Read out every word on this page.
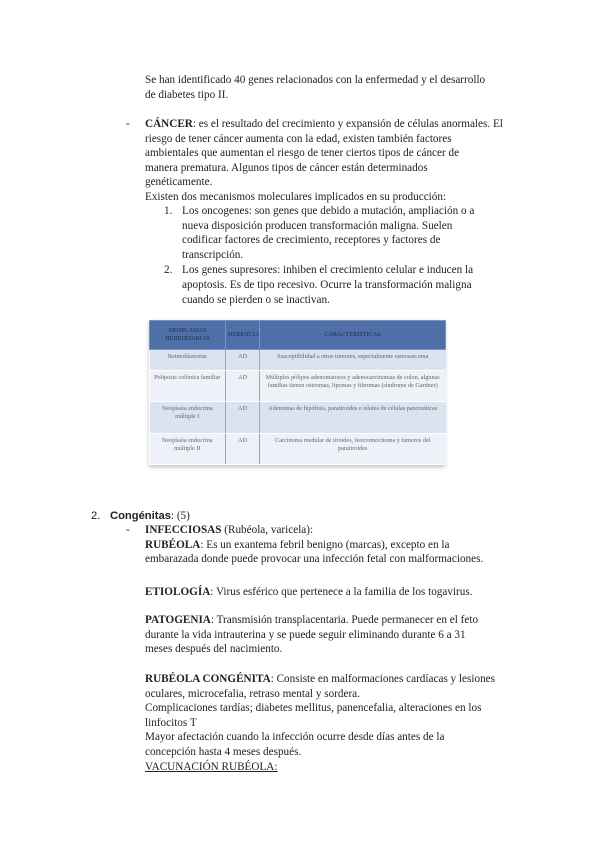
Se han identificado 40 genes relacionados con la enfermedad y el desarrollo

de diabetes tipo II.

- CÁNCER: es el resultado del crecimiento y expansión de células anormales. El

riesgo de tener cáncer aumenta con la edad, existen también factores

ambientales que aumentan el riesgo de tener ciertos tipos de cáncer de

manera prematura. Algunos tipos de cáncer están determinados

genéticamente.

Existen dos mecanismos moleculares implicados en su producción:

1. Los oncogenes: son genes que debido a mutación, ampliación o a

nueva disposición producen transformación maligna. Suelen

codificar factores de crecimiento, receptores y factores de

transcripción.

2. Los genes supresores: inhiben el crecimiento celular e inducen la

apoptosis. Es de tipo recesivo. Ocurre la transformación maligna

cuando se pierden o se inactivan.

NEOPLASIAS HEREDITARIAS	HERENCIA	CARACTERÍSTICAS
Retinoblastoma	AD	Susceptibilidad a otros tumores, especialmente osteosarcoma
Poliposis colónica familiar	AD	Múltiples pólipos adenomatosos y adenocarcinomas de colon, algunas familias tienen osteomas, lipomas y fibromas (síndrome de Gardner)
Neoplasia endocrina múltiple I	AD	Adenomas de hipófisis, paratiroides e islotes de células pancreáticas
Neoplasia endocrina múltiple II	AD	Carcinoma medular de tiroides, feocromocitoma y tumores del paratiroides
2. Congénitas: (5)
- INFECCIOSAS (Rubéola, varicela):

RUBÉOLA: Es un exantema febril benigno (marcas), excepto en la

embarazada donde puede provocar una infección fetal con malformaciones.

ETIOLOGÍA: Virus esférico que pertenece a la familia de los togavirus.

PATOGENIA: Transmisión transplacentaria. Puede permanecer en el feto

durante la vida intrauterina y se puede seguir eliminando durante 6 a 31

meses después del nacimiento.

RUBÉOLA CONGÉNITA: Consiste en malformaciones cardíacas y lesiones

oculares, microcefalia, retraso mental y sordera.

Complicaciones tardías; diabetes mellitus, panencefalia, alteraciones en los

linfocitos T

Mayor afectación cuando la infección ocurre desde días antes de la

concepción hasta 4 meses después.

VACUNACIÓN RUBÉOLA:
